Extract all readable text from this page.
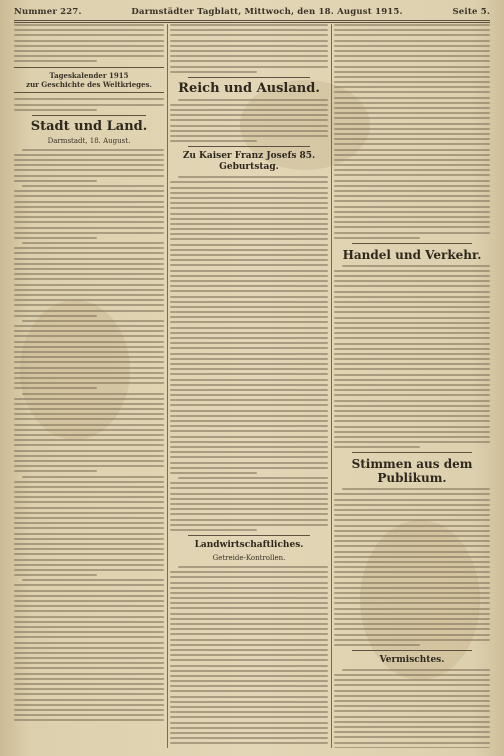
Nummer 227.	Darmstädter Tagblatt, Mittwoch, den 18. August 1915.	Seite 5.
Tageskalender 1915
zur Geschichte des Weltkrieges.
Stadt und Land.
Darmstadt, 18. August.
Reich und Ausland.
Zu Kaiser Franz Josefs 85. Geburtstag.
Landwirtschaftliches.
Getreide-Kontrollen.
Handel und Verkehr.
Stimmen aus dem Publikum.
Vermischtes.
